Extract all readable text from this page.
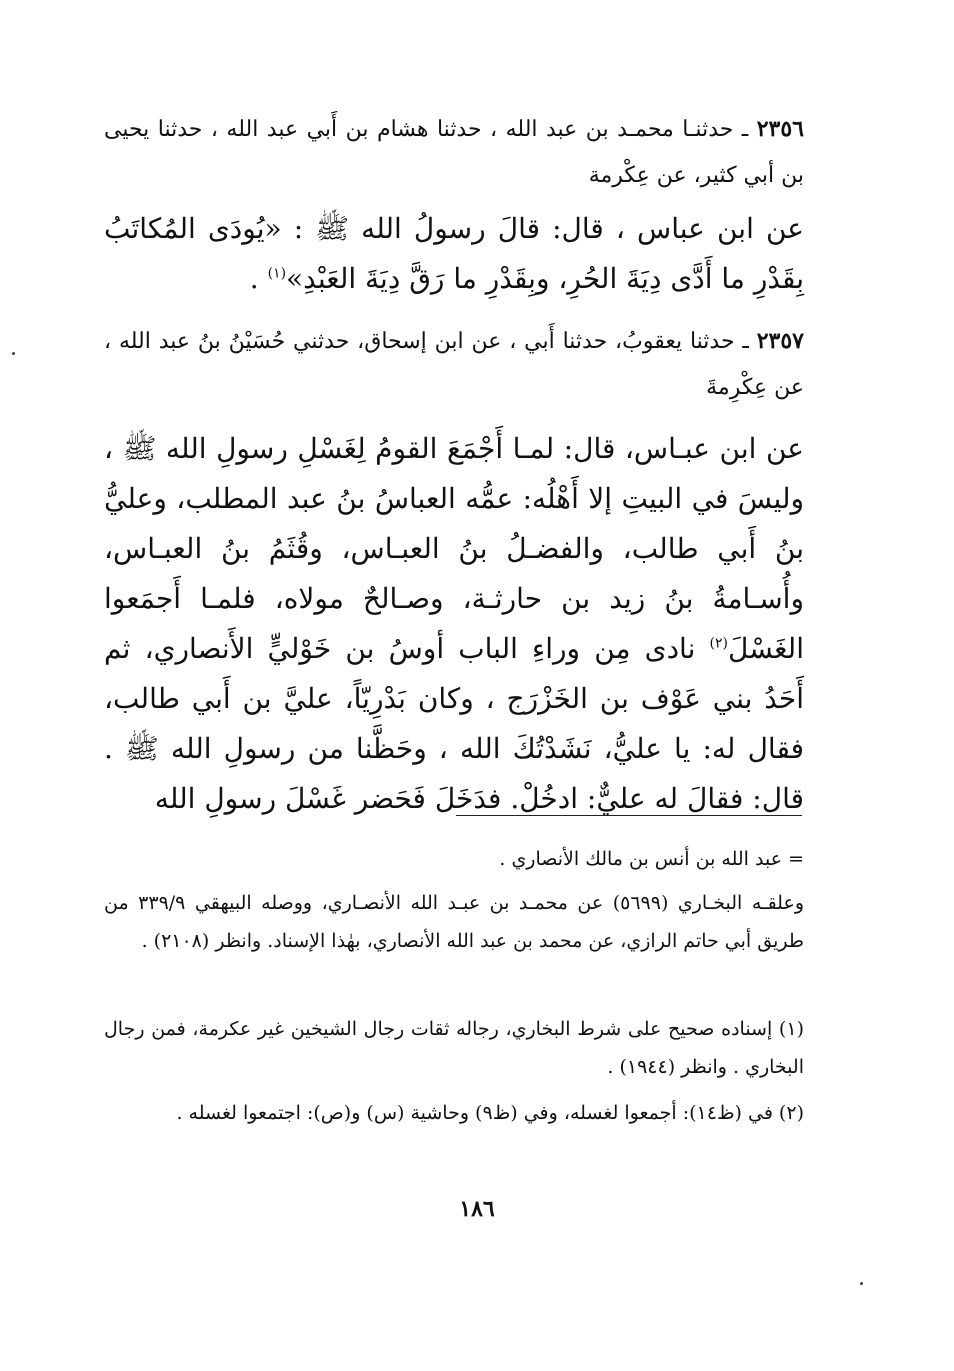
٢٣٥٦ ـ حدثنـا محمـد بن عبد الله ، حدثنا هشام بن أَبي عبد الله ، حدثنا يحيى بن أبي كثير، عن عِكْرمة
عن ابن عباس ، قال: قالَ رسولُ الله ﷺ : «يُودَى المُكاتَبُ بِقَدْرِ ما أَدَّى دِيَةَ الحُرِ، وبِقَدْرِ ما رَقَّ دِيَةَ العَبْدِ»$^{(١)}$ .
٢٣٥٧ ـ حدثنا يعقوبُ، حدثنا أَبي ، عن ابن إسحاق، حدثني حُسَيْنُ بنُ عبد الله ، عن عِكْرِمةَ
عن ابن عبـاس، قال: لمـا أَجْمَعَ القومُ لِغَسْلِ رسولِ الله ﷺ ، وليسَ في البيتِ إلا أَهْلُه: عمُّه العباسُ بنُ عبد المطلب، وعليُّ بنُ أَبي طالب، والفضـلُ بنُ العبـاس، وقُثَمُ بنُ العبـاس، وأُسـامةُ بنُ زيد بن حارثـة، وصـالحٌ مولاه، فلمـا أَجمَعوا الغَسْلَ$^{(٢)}$ نادى مِن وراءِ الباب أوسُ بن خَوْليٍّ الأَنصاري، ثم أَحَدُ بني عَوْف بن الخَزْرَج ، وكان بَدْرِيّاً، عليَّ بن أَبي طالب، فقال له: يا عليُّ، نَشَدْتُكَ الله ، وحَظَّنا من رسولِ الله ﷺ . قال: فقالَ له عليٌّ: ادخُلْ. فدَخَلَ فَحَضر غَسْلَ رسولِ الله
= عبد الله بن أنس بن مالك الأنصاري .
وعلقـه البخـاري (٥٦٩٩) عن محمـد بن عبـد الله الأنصـاري، ووصله البيهقي ٣٣٩/٩ من طريق أبي حاتم الرازي، عن محمد بن عبد الله الأنصاري، بهٰذا الإسناد. وانظر (٢١٠٨) .
(١) إسناده صحيح على شرط البخاري، رجاله ثقات رجال الشيخين غير عكرمة، فمن رجال البخاري . وانظر (١٩٤٤) .
(٢) في (ظ١٤): أجمعوا لغسله، وفي (ظ٩) وحاشية (س) و(ص): اجتمعوا لغسله .
١٨٦
